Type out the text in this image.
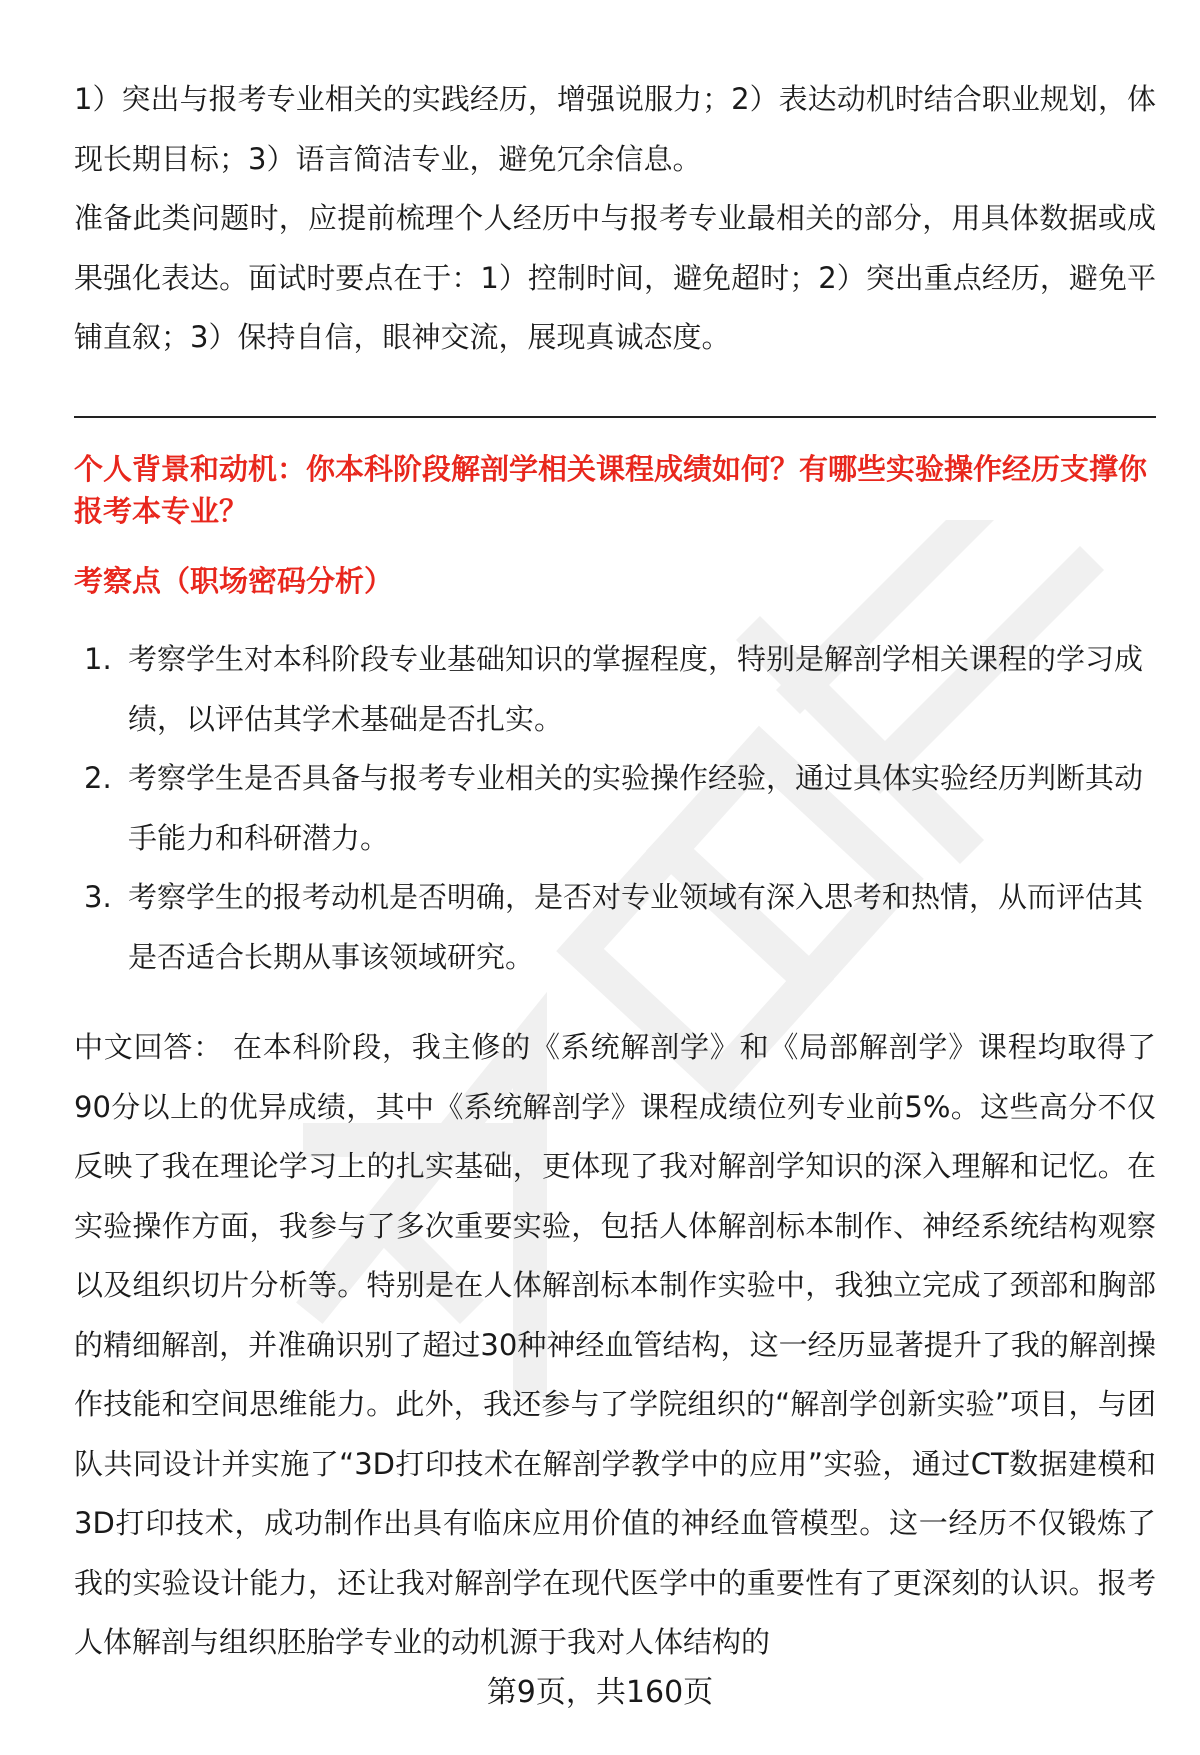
1）突出与报考专业相关的实践经历，增强说服力；2）表达动机时结合职业规划，体现长期目标；3）语言简洁专业，避免冗余信息。

准备此类问题时，应提前梳理个人经历中与报考专业最相关的部分，用具体数据或成果强化表达。面试时要点在于：1）控制时间，避免超时；2）突出重点经历，避免平铺直叙；3）保持自信，眼神交流，展现真诚态度。

个人背景和动机：你本科阶段解剖学相关课程成绩如何？有哪些实验操作经历支撑你报考本专业？

考察点（职场密码分析）

1. 考察学生对本科阶段专业基础知识的掌握程度，特别是解剖学相关课程的学习成绩，以评估其学术基础是否扎实。
2. 考察学生是否具备与报考专业相关的实验操作经验，通过具体实验经历判断其动手能力和科研潜力。
3. 考察学生的报考动机是否明确，是否对专业领域有深入思考和热情，从而评估其是否适合长期从事该领域研究。

中文回答： 在本科阶段，我主修的《系统解剖学》和《局部解剖学》课程均取得了90分以上的优异成绩，其中《系统解剖学》课程成绩位列专业前5%。这些高分不仅反映了我在理论学习上的扎实基础，更体现了我对解剖学知识的深入理解和记忆。在实验操作方面，我参与了多次重要实验，包括人体解剖标本制作、神经系统结构观察以及组织切片分析等。特别是在人体解剖标本制作实验中，我独立完成了颈部和胸部的精细解剖，并准确识别了超过30种神经血管结构，这一经历显著提升了我的解剖操作技能和空间思维能力。此外，我还参与了学院组织的“解剖学创新实验”项目，与团队共同设计并实施了“3D打印技术在解剖学教学中的应用”实验，通过CT数据建模和3D打印技术，成功制作出具有临床应用价值的神经血管模型。这一经历不仅锻炼了我的实验设计能力，还让我对解剖学在现代医学中的重要性有了更深刻的认识。报考人体解剖与组织胚胎学专业的动机源于我对人体结构的

第9页，共160页
